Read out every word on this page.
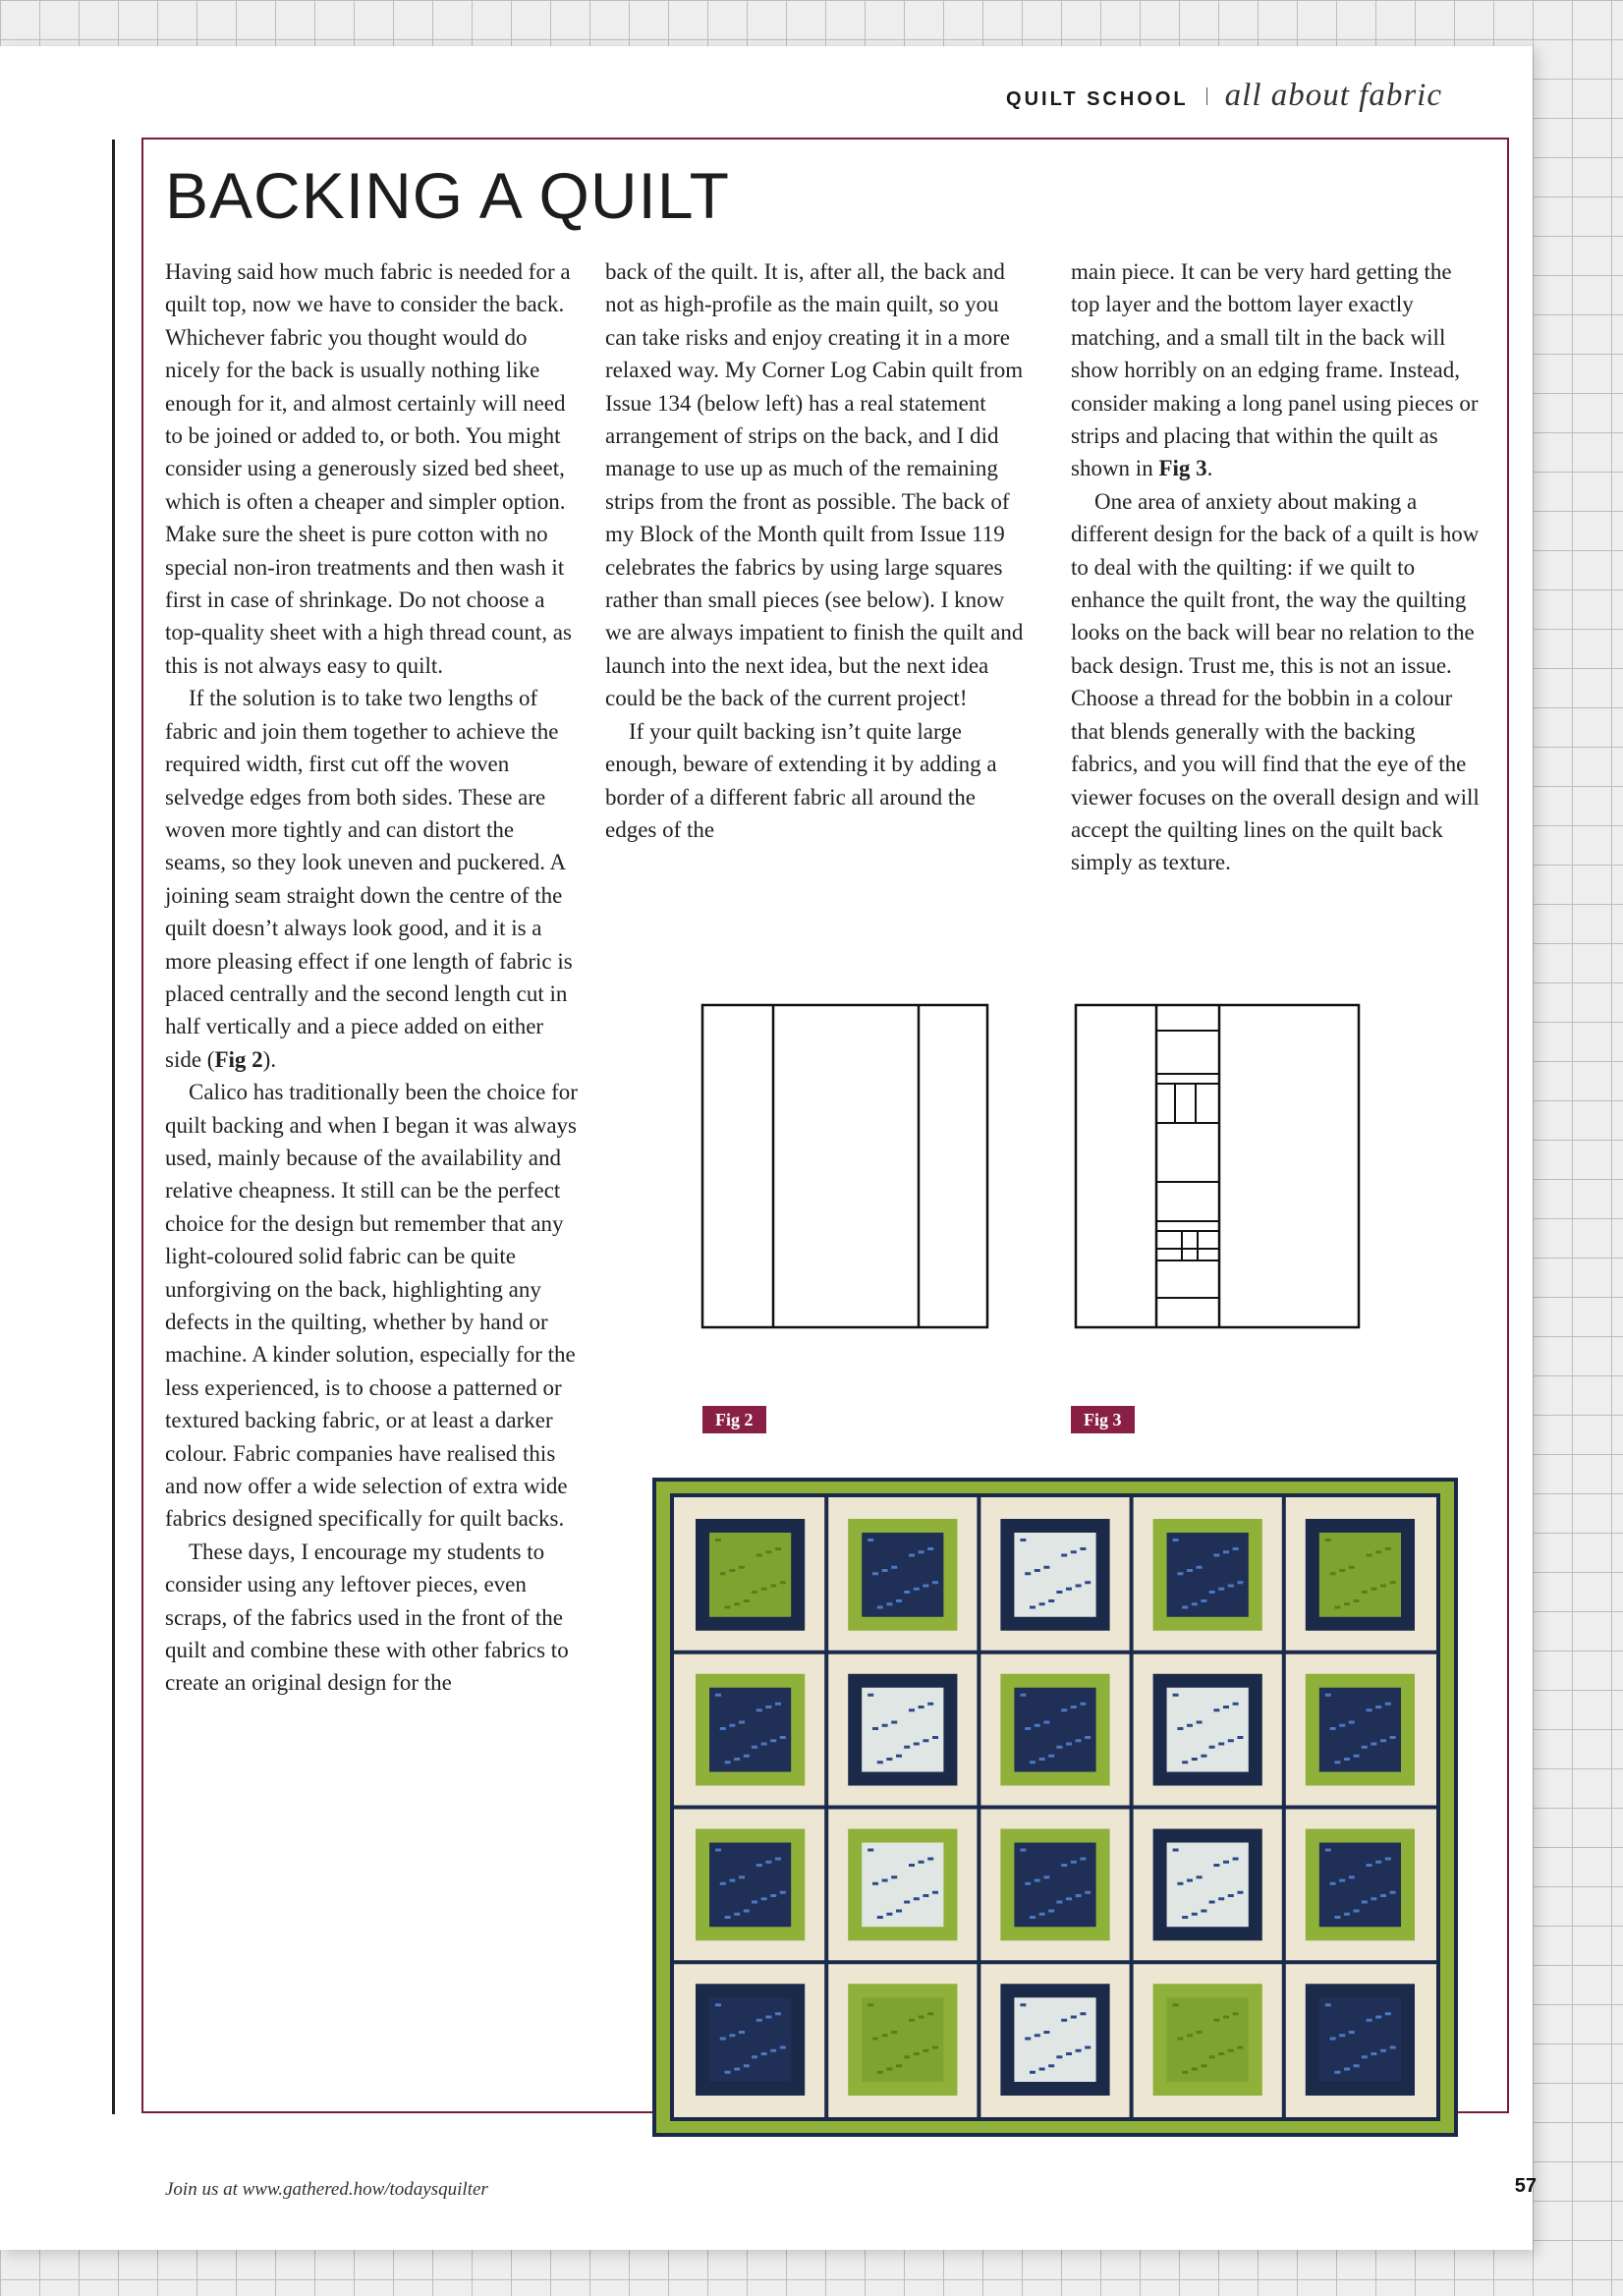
QUILT SCHOOL all about fabric
BACKING A QUILT

Having said how much fabric is needed for a quilt top, now we have to consider the back. Whichever fabric you thought would do nicely for the back is usually nothing like enough for it, and almost certainly will need to be joined or added to, or both. You might consider using a generously sized bed sheet, which is often a cheaper and simpler option. Make sure the sheet is pure cotton with no special non-iron treatments and then wash it first in case of shrinkage. Do not choose a top-quality sheet with a high thread count, as this is not always easy to quilt.

If the solution is to take two lengths of fabric and join them together to achieve the required width, first cut off the woven selvedge edges from both sides. These are woven more tightly and can distort the seams, so they look uneven and puckered. A joining seam straight down the centre of the quilt doesn’t always look good, and it is a more pleasing effect if one length of fabric is placed centrally and the second length cut in half vertically and a piece added on either side (Fig 2).

Calico has traditionally been the choice for quilt backing and when I began it was always used, mainly because of the availability and relative cheapness. It still can be the perfect choice for the design but remember that any light-coloured solid fabric can be quite unforgiving on the back, highlighting any defects in the quilting, whether by hand or machine. A kinder solution, especially for the less experienced, is to choose a patterned or textured backing fabric, or at least a darker colour. Fabric companies have realised this and now offer a wide selection of extra wide fabrics designed specifically for quilt backs.

These days, I encourage my students to consider using any leftover pieces, even scraps, of the fabrics used in the front of the quilt and combine these with other fabrics to create an original design for the

back of the quilt. It is, after all, the back and not as high-profile as the main quilt, so you can take risks and enjoy creating it in a more relaxed way. My Corner Log Cabin quilt from Issue 134 (below left) has a real statement arrangement of strips on the back, and I did manage to use up as much of the remaining strips from the front as possible. The back of my Block of the Month quilt from Issue 119 celebrates the fabrics by using large squares rather than small pieces (see below). I know we are always impatient to finish the quilt and launch into the next idea, but the next idea could be the back of the current project!

If your quilt backing isn’t quite large enough, beware of extending it by adding a border of a different fabric all around the edges of the

main piece. It can be very hard getting the top layer and the bottom layer exactly matching, and a small tilt in the back will show horribly on an edging frame. Instead, consider making a long panel using pieces or strips and placing that within the quilt as shown in Fig 3.

One area of anxiety about making a different design for the back of a quilt is how to deal with the quilting: if we quilt to enhance the quilt front, the way the quilting looks on the back will bear no relation to the back design. Trust me, this is not an issue. Choose a thread for the bobbin in a colour that blends generally with the backing fabrics, and you will find that the eye of the viewer focuses on the overall design and will accept the quilting lines on the quilt back simply as texture.

Fig 2	Fig 3
Join us at www.gathered.how/todaysquilter	57
